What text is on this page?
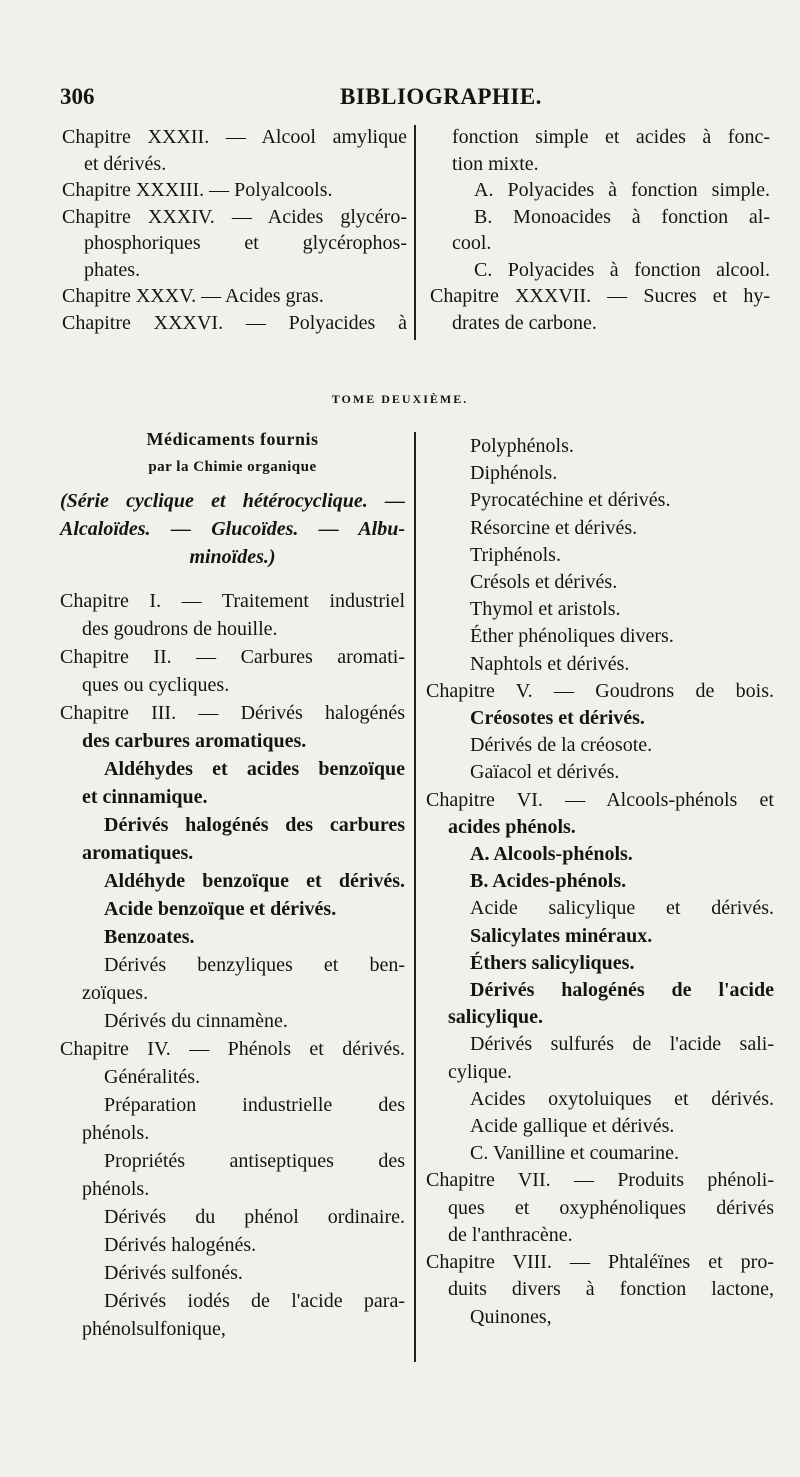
306	BIBLIOGRAPHIE.
Chapitre XXXII. — Alcool amylique
et dérivés.
Chapitre XXXIII. — Polyalcools.
Chapitre XXXIV. — Acides glycéro-
phosphoriques et glycérophos-
phates.
Chapitre XXXV. — Acides gras.
Chapitre XXXVI. — Polyacides à
fonction simple et acides à fonc-
tion mixte.
A. Polyacides à fonction simple.
B. Monoacides à fonction al-
cool.
C. Polyacides à fonction alcool.
Chapitre XXXVII. — Sucres et hy-
drates de carbone.
TOME DEUXIÈME.
Médicaments fournis
par la Chimie organique
(Série cyclique et hétérocyclique. —
Alcaloïdes. — Glucoïdes. — Albu-
minoïdes.)
Chapitre I. — Traitement industriel
des goudrons de houille.
Chapitre II. — Carbures aromati-
ques ou cycliques.
Chapitre III. — Dérivés halogénés
des carbures aromatiques.
Aldéhydes et acides benzoïque
et cinnamique.
Dérivés halogénés des carbures
aromatiques.
Aldéhyde benzoïque et dérivés.
Acide benzoïque et dérivés.
Benzoates.
Dérivés benzyliques et ben-
zoïques.
Dérivés du cinnamène.
Chapitre IV. — Phénols et dérivés.
Généralités.
Préparation industrielle des
phénols.
Propriétés antiseptiques des
phénols.
Dérivés du phénol ordinaire.
Dérivés halogénés.
Dérivés sulfonés.
Dérivés iodés de l'acide para-
phénolsulfonique,
Polyphénols.
Diphénols.
Pyrocatéchine et dérivés.
Résorcine et dérivés.
Triphénols.
Crésols et dérivés.
Thymol et aristols.
Éther phénoliques divers.
Naphtols et dérivés.
Chapitre V. — Goudrons de bois.
Créosotes et dérivés.
Dérivés de la créosote.
Gaïacol et dérivés.
Chapitre VI. — Alcools-phénols et
acides phénols.
A. Alcools-phénols.
B. Acides-phénols.
Acide salicylique et dérivés.
Salicylates minéraux.
Éthers salicyliques.
Dérivés halogénés de l'acide
salicylique.
Dérivés sulfurés de l'acide sali-
cylique.
Acides oxytoluiques et dérivés.
Acide gallique et dérivés.
C. Vanilline et coumarine.
Chapitre VII. — Produits phénoli-
ques et oxyphénoliques dérivés
de l'anthracène.
Chapitre VIII. — Phtaléïnes et pro-
duits divers à fonction lactone,
Quinones,
